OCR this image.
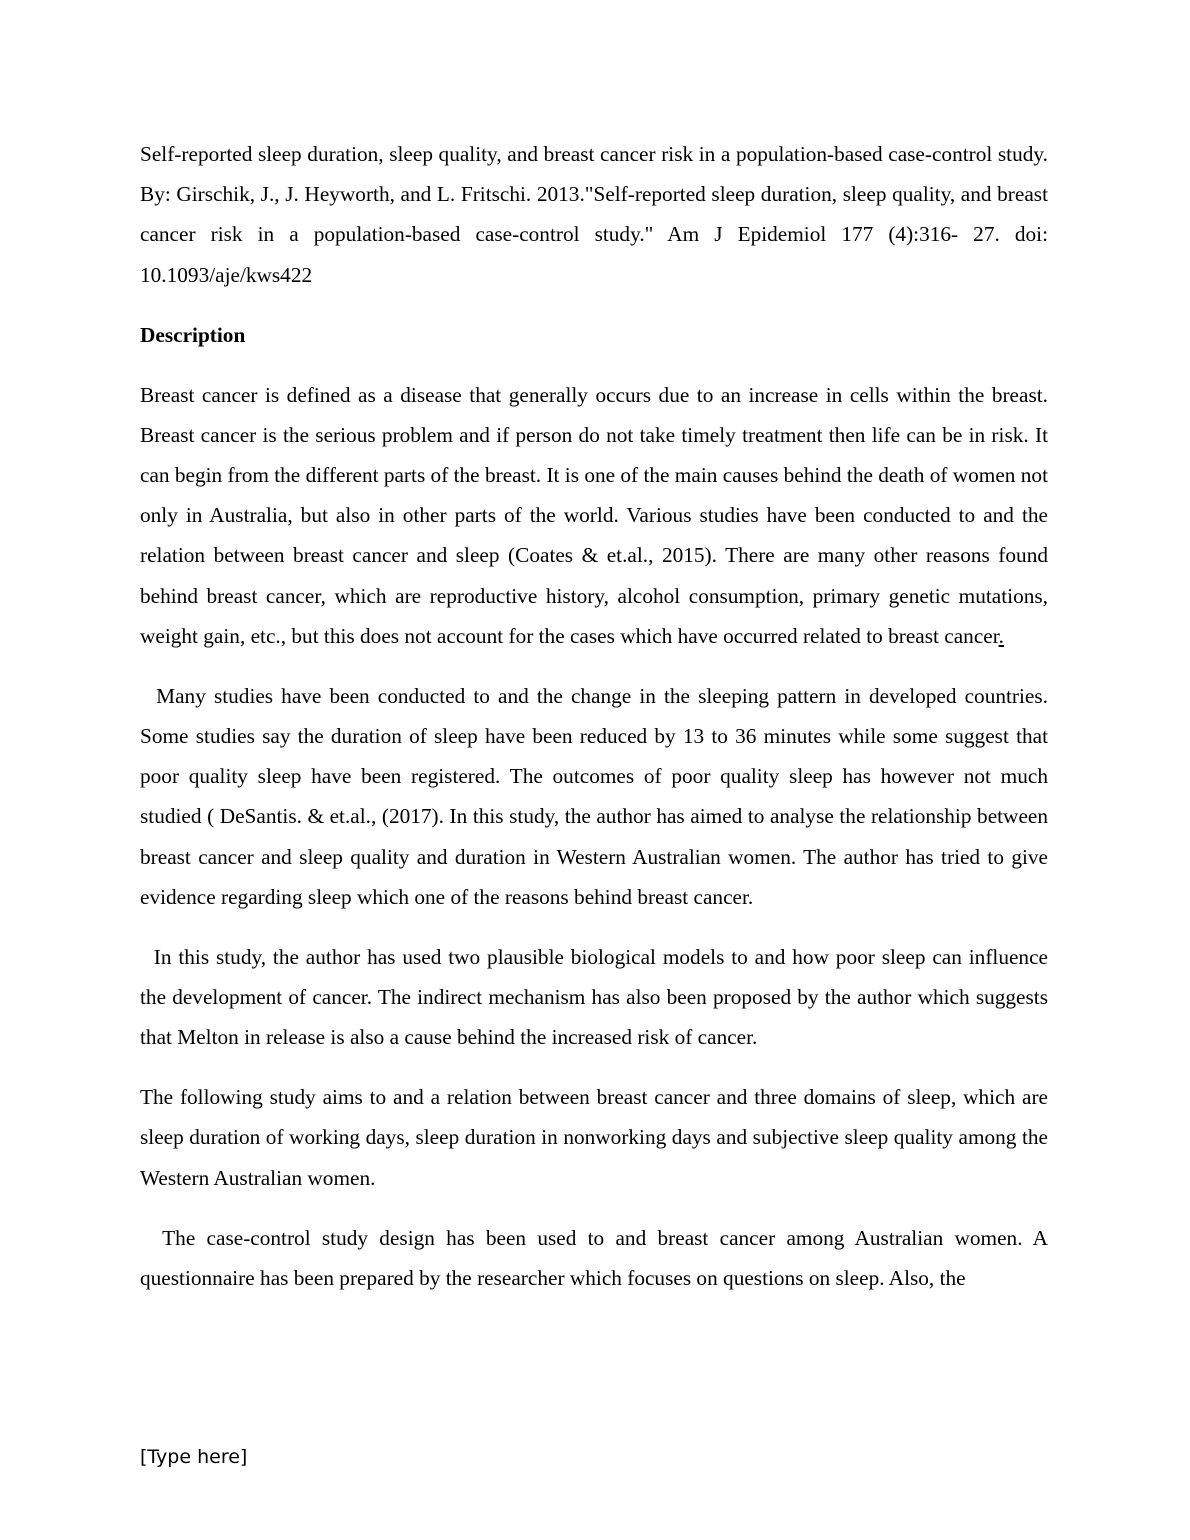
Self-reported sleep duration, sleep quality, and breast cancer risk in a population-based case-control study. By: Girschik, J., J. Heyworth, and L. Fritschi. 2013."Self-reported sleep duration, sleep quality, and breast cancer risk in a population-based case-control study." Am J Epidemiol 177 (4):316- 27. doi: 10.1093/aje/kws422

Description

Breast cancer is defined as a disease that generally occurs due to an increase in cells within the breast. Breast cancer is the serious problem and if person do not take timely treatment then life can be in risk. It can begin from the different parts of the breast. It is one of the main causes behind the death of women not only in Australia, but also in other parts of the world. Various studies have been conducted to and the relation between breast cancer and sleep (Coates & et.al., 2015). There are many other reasons found behind breast cancer, which are reproductive history, alcohol consumption, primary genetic mutations, weight gain, etc., but this does not account for the cases which have occurred related to breast cancer.

Many studies have been conducted to and the change in the sleeping pattern in developed countries. Some studies say the duration of sleep have been reduced by 13 to 36 minutes while some suggest that poor quality sleep have been registered. The outcomes of poor quality sleep has however not much studied ( DeSantis. & et.al., (2017). In this study, the author has aimed to analyse the relationship between breast cancer and sleep quality and duration in Western Australian women. The author has tried to give evidence regarding sleep which one of the reasons behind breast cancer.

In this study, the author has used two plausible biological models to and how poor sleep can influence the development of cancer. The indirect mechanism has also been proposed by the author which suggests that Melton in release is also a cause behind the increased risk of cancer.

The following study aims to and a relation between breast cancer and three domains of sleep, which are sleep duration of working days, sleep duration in nonworking days and subjective sleep quality among the Western Australian women.

The case-control study design has been used to and breast cancer among Australian women. A questionnaire has been prepared by the researcher which focuses on questions on sleep. Also, the

[Type here]
